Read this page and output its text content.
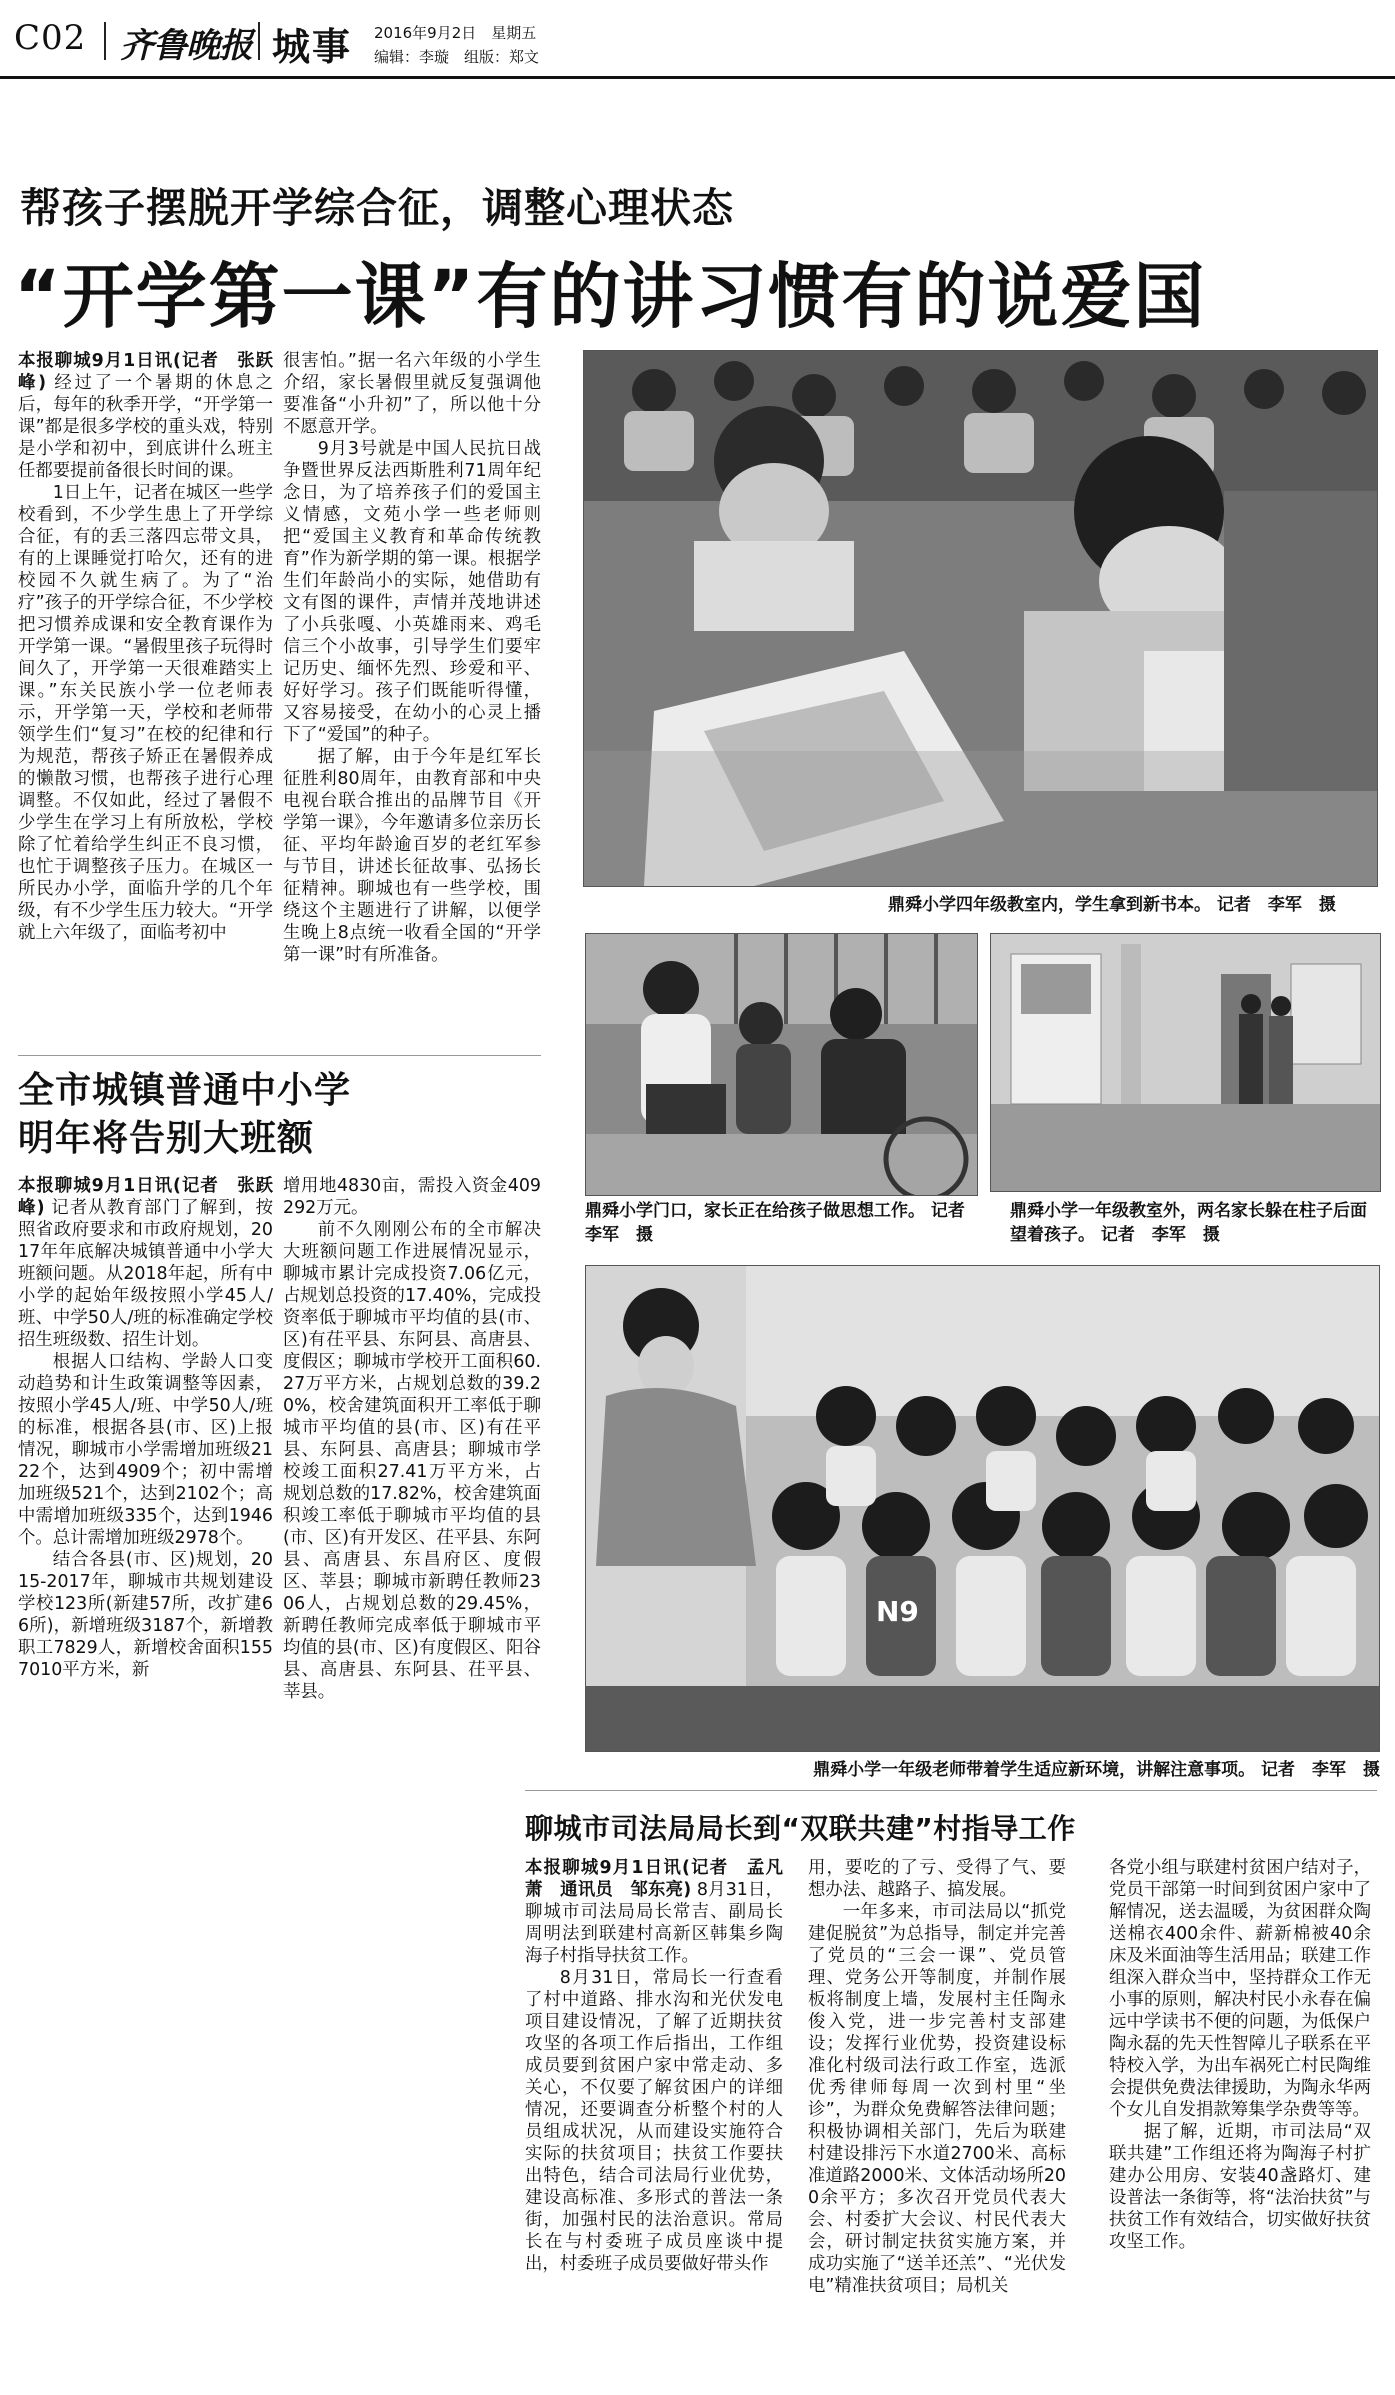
C02 齐鲁晚报 城事 2016年9月2日　星期五
编辑：李璇　组版：郑文
帮孩子摆脱开学综合征，调整心理状态
“开学第一课”有的讲习惯有的说爱国

本报聊城9月1日讯(记者　张跃峰) 经过了一个暑期的休息之后，每年的秋季开学，“开学第一课”都是很多学校的重头戏，特别是小学和初中，到底讲什么班主任都要提前备很长时间的课。

1日上午，记者在城区一些学校看到，不少学生患上了开学综合征，有的丢三落四忘带文具，有的上课睡觉打哈欠，还有的进校园不久就生病了。为了“治疗”孩子的开学综合征，不少学校把习惯养成课和安全教育课作为开学第一课。“暑假里孩子玩得时间久了，开学第一天很难踏实上课。”东关民族小学一位老师表示，开学第一天，学校和老师带领学生们“复习”在校的纪律和行为规范，帮孩子矫正在暑假养成的懒散习惯，也帮孩子进行心理调整。不仅如此，经过了暑假不少学生在学习上有所放松，学校除了忙着给学生纠正不良习惯，也忙于调整孩子压力。在城区一所民办小学，面临升学的几个年级，有不少学生压力较大。“开学就上六年级了，面临考初中

很害怕。”据一名六年级的小学生介绍，家长暑假里就反复强调他要准备“小升初”了，所以他十分不愿意开学。

9月3号就是中国人民抗日战争暨世界反法西斯胜利71周年纪念日，为了培养孩子们的爱国主义情感，文苑小学一些老师则把“爱国主义教育和革命传统教育”作为新学期的第一课。根据学生们年龄尚小的实际，她借助有文有图的课件，声情并茂地讲述了小兵张嘎、小英雄雨来、鸡毛信三个小故事，引导学生们要牢记历史、缅怀先烈、珍爱和平、好好学习。孩子们既能听得懂，又容易接受，在幼小的心灵上播下了“爱国”的种子。

据了解，由于今年是红军长征胜利80周年，由教育部和中央电视台联合推出的品牌节目《开学第一课》，今年邀请多位亲历长征、平均年龄逾百岁的老红军参与节目，讲述长征故事、弘扬长征精神。聊城也有一些学校，围绕这个主题进行了讲解，以便学生晚上8点统一收看全国的“开学第一课”时有所准备。

鼎舜小学四年级教室内，学生拿到新书本。 记者　李军　摄
全市城镇普通中小学
明年将告别大班额

本报聊城9月1日讯(记者　张跃峰) 记者从教育部门了解到，按照省政府要求和市政府规划，2017年年底解决城镇普通中小学大班额问题。从2018年起，所有中小学的起始年级按照小学45人/班、中学50人/班的标准确定学校招生班级数、招生计划。

根据人口结构、学龄人口变动趋势和计生政策调整等因素，按照小学45人/班、中学50人/班的标准，根据各县(市、区)上报情况，聊城市小学需增加班级2122个，达到4909个；初中需增加班级521个，达到2102个；高中需增加班级335个，达到1946个。总计需增加班级2978个。

结合各县(市、区)规划，2015-2017年，聊城市共规划建设学校123所(新建57所，改扩建66所)，新增班级3187个，新增教职工7829人，新增校舍面积1557010平方米，新

增用地4830亩，需投入资金409292万元。

前不久刚刚公布的全市解决大班额问题工作进展情况显示，聊城市累计完成投资7.06亿元，占规划总投资的17.40%，完成投资率低于聊城市平均值的县(市、区)有茌平县、东阿县、高唐县、度假区；聊城市学校开工面积60.27万平方米，占规划总数的39.20%，校舍建筑面积开工率低于聊城市平均值的县(市、区)有茌平县、东阿县、高唐县；聊城市学校竣工面积27.41万平方米，占规划总数的17.82%，校舍建筑面积竣工率低于聊城市平均值的县(市、区)有开发区、茌平县、东阿县、高唐县、东昌府区、度假区、莘县；聊城市新聘任教师2306人，占规划总数的29.45%，新聘任教师完成率低于聊城市平均值的县(市、区)有度假区、阳谷县、高唐县、东阿县、茌平县、莘县。

鼎舜小学门口，家长正在给孩子做思想工作。 记者　李军　摄
鼎舜小学一年级教室外，两名家长躲在柱子后面望着孩子。 记者　李军　摄
N9
鼎舜小学一年级老师带着学生适应新环境，讲解注意事项。 记者　李军　摄
聊城市司法局局长到“双联共建”村指导工作

本报聊城9月1日讯(记者　孟凡萧　通讯员　邹东亮) 8月31日，聊城市司法局局长常吉、副局长周明法到联建村高新区韩集乡陶海子村指导扶贫工作。

8月31日，常局长一行查看了村中道路、排水沟和光伏发电项目建设情况，了解了近期扶贫攻坚的各项工作后指出，工作组成员要到贫困户家中常走动、多关心，不仅要了解贫困户的详细情况，还要调查分析整个村的人员组成状况，从而建设实施符合实际的扶贫项目；扶贫工作要扶出特色，结合司法局行业优势，建设高标准、多形式的普法一条街，加强村民的法治意识。常局长在与村委班子成员座谈中提出，村委班子成员要做好带头作

用，要吃的了亏、受得了气、要想办法、越路子、搞发展。

一年多来，市司法局以“抓党建促脱贫”为总指导，制定并完善了党员的“三会一课”、党员管理、党务公开等制度，并制作展板将制度上墙，发展村主任陶永俊入党，进一步完善村支部建设；发挥行业优势，投资建设标准化村级司法行政工作室，选派优秀律师每周一次到村里“坐诊”，为群众免费解答法律问题；积极协调相关部门，先后为联建村建设排污下水道2700米、高标准道路2000米、文体活动场所200余平方；多次召开党员代表大会、村委扩大会议、村民代表大会，研讨制定扶贫实施方案，并成功实施了“送羊还羔”、“光伏发电”精准扶贫项目；局机关

各党小组与联建村贫困户结对子，党员干部第一时间到贫困户家中了解情况，送去温暖，为贫困群众陶送棉衣400余件、薪新棉被40余床及米面油等生活用品；联建工作组深入群众当中，坚持群众工作无小事的原则，解决村民小永春在偏远中学读书不便的问题，为低保户陶永磊的先天性智障儿子联系在平特校入学，为出车祸死亡村民陶维会提供免费法律援助，为陶永华两个女儿自发捐款筹集学杂费等等。

据了解，近期，市司法局“双联共建”工作组还将为陶海子村扩建办公用房、安装40盏路灯、建设普法一条街等，将“法治扶贫”与扶贫工作有效结合，切实做好扶贫攻坚工作。
